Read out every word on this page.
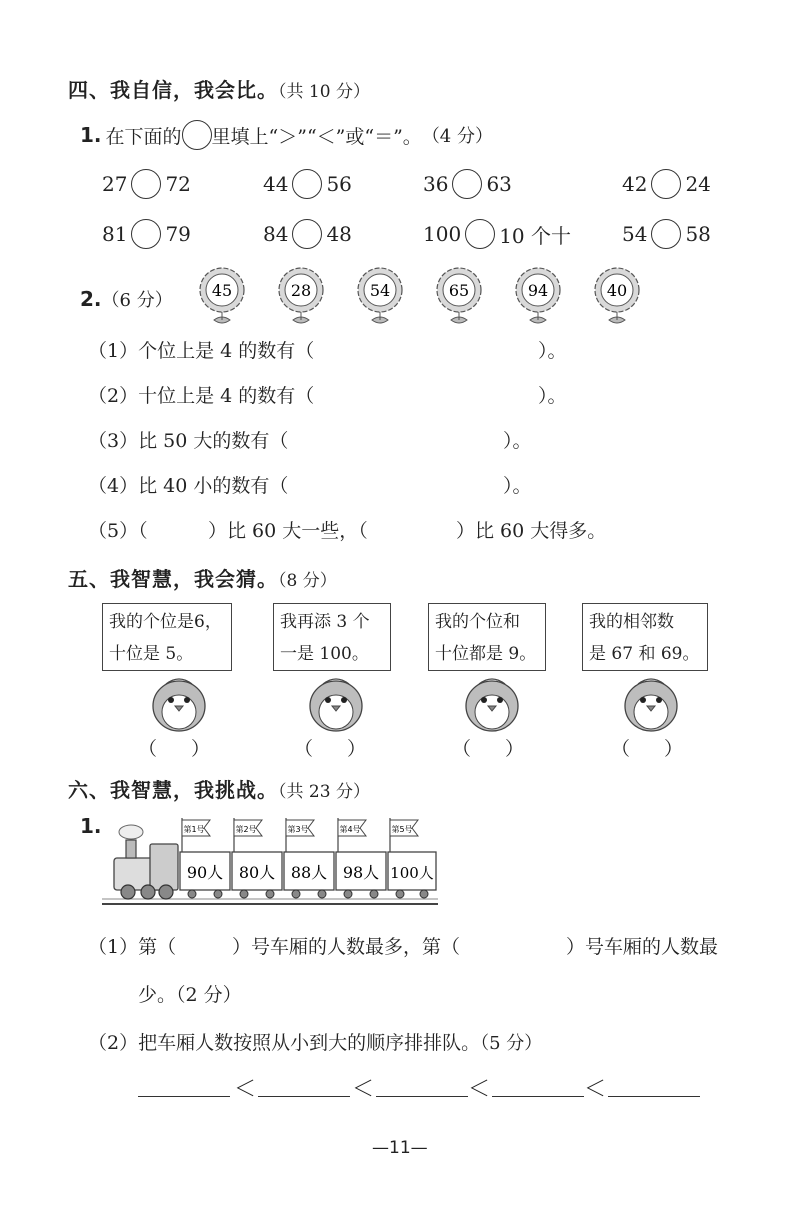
四、我自信，我会比。（共 10 分）
1. 在下面的 里填上“＞”“＜”或“＝”。 （4 分）
27 72	44 56	36 63	42 24
81 79	84 48	100 10 个十	54 58
2. （6 分） 45	28	54	65	94	40
（1）个位上是 4 的数有（	）。
（2）十位上是 4 的数有（	）。
（3）比 50 大的数有（	）。
（4）比 40 小的数有（	）。
（5）（	）比 60 大一些，（	）比 60 大得多。
五、我智慧，我会猜。（8 分）
我的个位是6，
十位是 5。
我再添 3 个
一是 100。
我的个位和
十位都是 9。
我的相邻数
是 67 和 69。
（ ）	（ ）	（ ）	（ ）
六、我智慧，我挑战。（共 23 分）
1.	第1号
90人
第2号
80人
第3号
88人
第4号
98人
第5号
100人
（1）第（	）号车厢的人数最多，第（	）号车厢的人数最
少。（2 分）
（2）把车厢人数按照从小到大的顺序排排队。（5 分）
＜	＜	＜	＜
—11—
